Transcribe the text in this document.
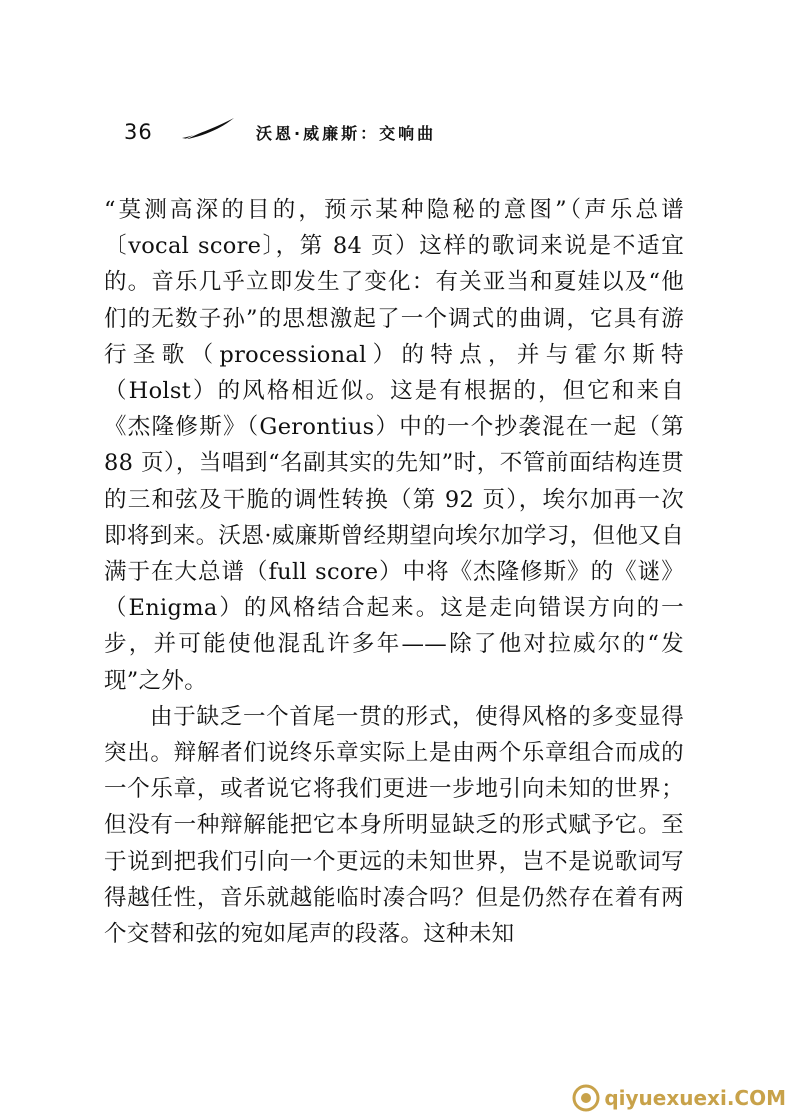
36	沃恩·威廉斯：交响曲

“莫测高深的目的，预示某种隐秘的意图”（声乐总谱〔vocal score〕，第 84 页）这样的歌词来说是不适宜的。音乐几乎立即发生了变化：有关亚当和夏娃以及“他们的无数子孙”的思想激起了一个调式的曲调，它具有游行圣歌（processional）的特点，并与霍尔斯特（Holst）的风格相近似。这是有根据的，但它和来自《杰隆修斯》（Gerontius）中的一个抄袭混在一起（第 88 页），当唱到“名副其实的先知”时，不管前面结构连贯的三和弦及干脆的调性转换（第 92 页），埃尔加再一次即将到来。沃恩·威廉斯曾经期望向埃尔加学习，但他又自满于在大总谱（full score）中将《杰隆修斯》的《谜》（Enigma）的风格结合起来。这是走向错误方向的一步，并可能使他混乱许多年——除了他对拉威尔的“发现”之外。

由于缺乏一个首尾一贯的形式，使得风格的多变显得突出。辩解者们说终乐章实际上是由两个乐章组合而成的一个乐章，或者说它将我们更进一步地引向未知的世界；但没有一种辩解能把它本身所明显缺乏的形式赋予它。至于说到把我们引向一个更远的未知世界，岂不是说歌词写得越任性，音乐就越能临时凑合吗？但是仍然存在着有两个交替和弦的宛如尾声的段落。这种未知

qiyuexuexi.COM
